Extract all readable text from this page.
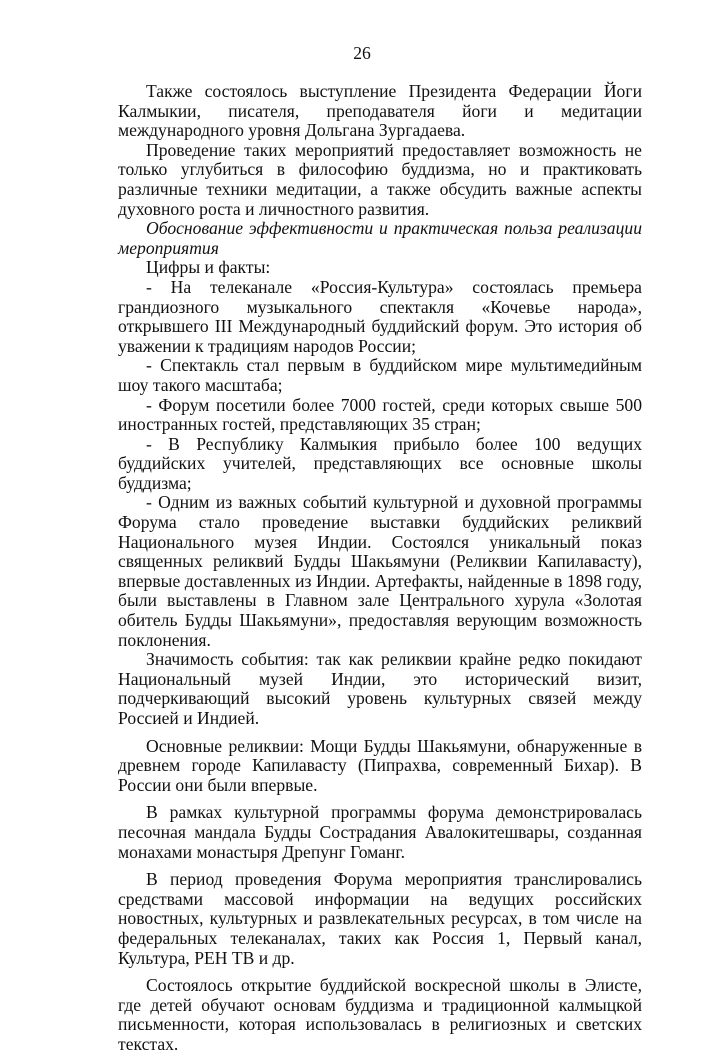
26

Также состоялось выступление Президента Федерации Йоги Калмыкии, писателя, преподавателя йоги и медитации международного уровня Дольгана Зургадаева.

Проведение таких мероприятий предоставляет возможность не только углубиться в философию буддизма, но и практиковать различные техники медитации, а также обсудить важные аспекты духовного роста и личностного развития.

Обоснование эффективности и практическая польза реализации мероприятия

Цифры и факты:

- На телеканале «Россия-Культура» состоялась премьера грандиозного музыкального спектакля «Кочевье народа», открывшего III Международный буддийский форум. Это история об уважении к традициям народов России;

- Спектакль стал первым в буддийском мире мультимедийным шоу такого масштаба;

- Форум посетили более 7000 гостей, среди которых свыше 500 иностранных гостей, представляющих 35 стран;

- В Республику Калмыкия прибыло более 100 ведущих буддийских учителей, представляющих все основные школы буддизма;

- Одним из важных событий культурной и духовной программы Форума стало проведение выставки буддийских реликвий Национального музея Индии. Состоялся уникальный показ священных реликвий Будды Шакьямуни (Реликвии Капилавасту), впервые доставленных из Индии. Артефакты, найденные в 1898 году, были выставлены в Главном зале Центрального хурула «Золотая обитель Будды Шакьямуни», предоставляя верующим возможность поклонения.

Значимость события: так как реликвии крайне редко покидают Национальный музей Индии, это исторический визит, подчеркивающий высокий уровень культурных связей между Россией и Индией.

Основные реликвии: Мощи Будды Шакьямуни, обнаруженные в древнем городе Капилавасту (Пипрахва, современный Бихар). В России они были впервые.

В рамках культурной программы форума демонстрировалась песочная мандала Будды Сострадания Авалокитешвары, созданная монахами монастыря Дрепунг Гоманг.

В период проведения Форума мероприятия транслировались средствами массовой информации на ведущих российских новостных, культурных и развлекательных ресурсах, в том числе на федеральных телеканалах, таких как Россия 1, Первый канал, Культура, РЕН ТВ и др.

Состоялось открытие буддийской воскресной школы в Элисте, где детей обучают основам буддизма и традиционной калмыцкой письменности, которая использовалась в религиозных и светских текстах.
